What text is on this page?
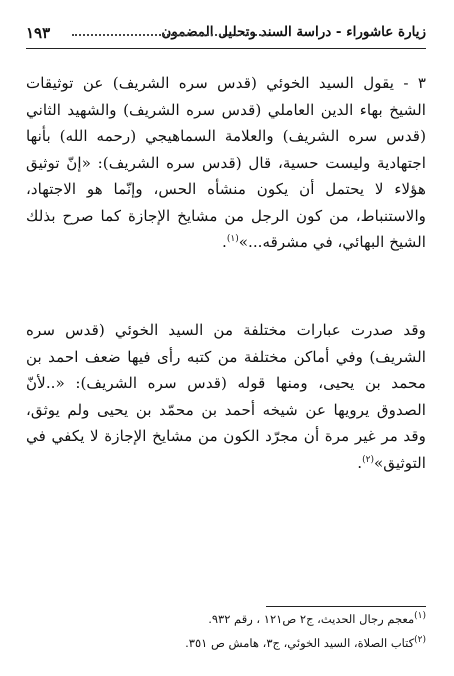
زيارة عاشوراء - دراسة السند وتحليل المضمون
١٩٣

٣ - يقول السيد الخوئي (قدس سره الشريف) عن توثيقات الشيخ بهاء الدين العاملي (قدس سره الشريف) والشهيد الثاني (قدس سره الشريف) والعلامة السماهيجي (رحمه الله) بأنها اجتهادية وليست حسية، قال (قدس سره الشريف): «إنّ توثيق هؤلاء لا يحتمل أن يكون منشأه الحس، وإنّما هو الاجتهاد، والاستنباط، من كون الرجل من مشايخ الإجازة كما صرح بذلك الشيخ البهائي، في مشرقه...»$^{(١)}$.

وقد صدرت عبارات مختلفة من السيد الخوئي (قدس سره الشريف) وفي أماكن مختلفة من كتبه رأى فيها ضعف احمد بن محمد بن يحيى، ومنها قوله (قدس سره الشريف): «..لأنّ الصدوق يرويها عن شيخه أحمد بن محمّد بن يحيى ولم يوثق، وقد مر غير مرة أن مجرّد الكون من مشايخ الإجازة لا يكفي في التوثيق»$^{(٢)}$.

$^{(١)}$معجم رجال الحديث، ج٢ ص١٢١ ، رقم ٩٣٢.
$^{(٢)}$كتاب الصلاة، السيد الخوئي، ج٣، هامش ص ٣٥١.
